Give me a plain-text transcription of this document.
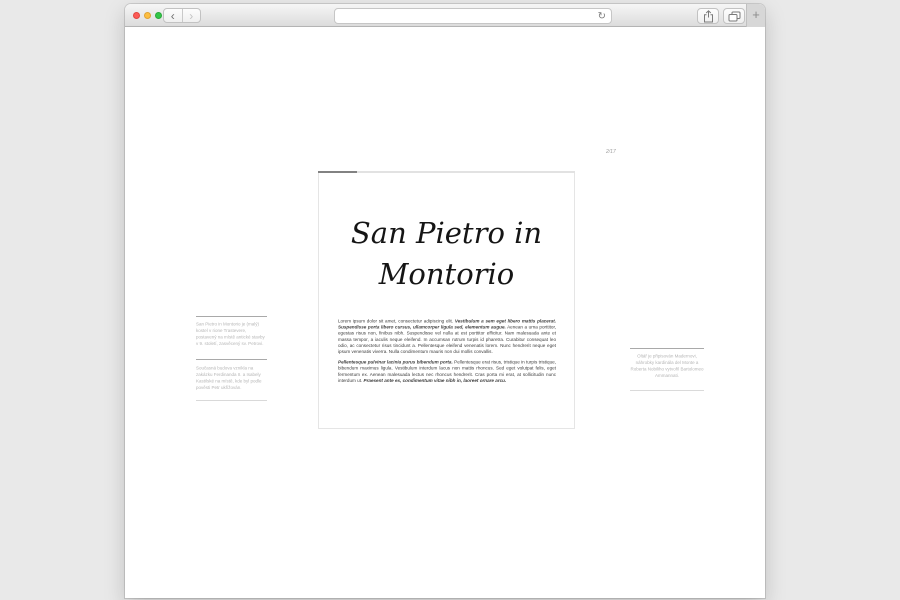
‹	›	↻	+
2/17
San Pietro in Montorio je (malý) kostel v rione Trastevere, postavený na místě antické stavby v 9. století, zasvěcený sv. Petrovi.
Současná budova vznikla na zakázku Ferdinanda II. a Isabely Kastilské na místě, kde byl podle pověsti Petr ukřižován.
San Pietro in
Montorio

Lorem ipsum dolor sit amet, consectetur adipiscing elit. Vestibulum a sem eget libero mattis placerat. Suspendisse porta libero cursus, ullamcorper ligula sed, elementum augue. Aenean a urna porttitor, egestas risus non, finibus nibh. Suspendisse vel nulla at est porttitor efficitur. Nam malesuada ante et massa tempor, a iaculis neque eleifend. In accumsan rutrum turpis id pharetra. Curabitur consequat leo odio, ac consectetur risus tincidunt a. Pellentesque eleifend venenatis lorem. Nunc hendrerit neque eget ipsum venenatis viverra. Nulla condimentum mauris non dui mollis convallis.

Pellentesque pulvinar lacinia purus bibendum porta. Pellentesque erat risus, tristique in turpis tristique, bibendum maximus ligula. Vestibulum interdum lacus non mattis rhoncus. Sed eget volutpat felis, eget fermentum ex. Aenean malesuada lectus nec rhoncus hendrerit. Cras porta mi erat, at sollicitudin nunc interdum ut. Praesent ante ex, condimentum vitae nibh in, laoreet ornare arcu.

Oltář je připisován Madernovi, náhrobky kardinála del Monte a Roberta Nobiliho vytvořil Bartolomeo Ammannati.
